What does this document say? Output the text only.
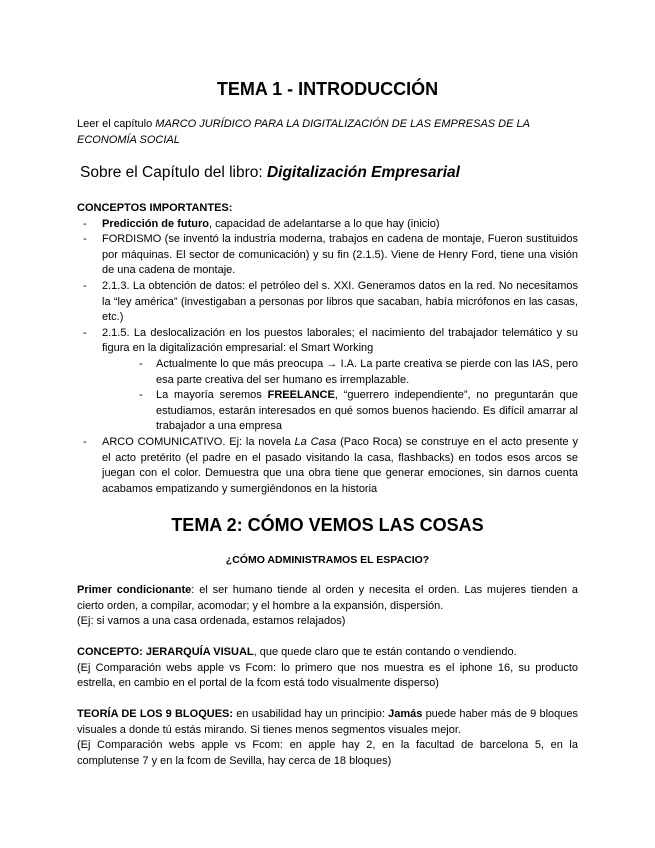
TEMA 1 - INTRODUCCIÓN

Leer el capítulo MARCO JURÍDICO PARA LA DIGITALIZACIÓN DE LAS EMPRESAS DE LA ECONOMÍA SOCIAL

Sobre el Capítulo del libro: Digitalización Empresarial

CONCEPTOS IMPORTANTES:

- Predicción de futuro, capacidad de adelantarse a lo que hay (inicio)
- FORDISMO (se inventó la industria moderna, trabajos en cadena de montaje, Fueron sustituidos por máquinas. El sector de comunicación) y su fin (2.1.5). Viene de Henry Ford, tiene una visión de una cadena de montaje.
- 2.1.3. La obtención de datos: el petróleo del s. XXI. Generamos datos en la red. No necesitamos la “ley américa” (investigaban a personas por libros que sacaban, había micrófonos en las casas, etc.)
- 2.1.5. La deslocalización en los puestos laborales; el nacimiento del trabajador telemático y su figura en la digitalización empresarial: el Smart Working
- Actualmente lo que más preocupa → I.A. La parte creativa se pierde con las IAS, pero esa parte creativa del ser humano es irremplazable.
- La mayoría seremos FREELANCE, “guerrero independiente”, no preguntarán que estudiamos, estarán interesados en qué somos buenos haciendo. Es difícil amarrar al trabajador a una empresa
- ARCO COMUNICATIVO. Ej: la novela La Casa (Paco Roca) se construye en el acto presente y el acto pretérito (el padre en el pasado visitando la casa, flashbacks) en todos esos arcos se juegan con el color. Demuestra que una obra tiene que generar emociones, sin darnos cuenta acabamos empatizando y sumergiéndonos en la historia
TEMA 2: CÓMO VEMOS LAS COSAS

¿CÓMO ADMINISTRAMOS EL ESPACIO?

Primer condicionante: el ser humano tiende al orden y necesita el orden. Las mujeres tienden a cierto orden, a compilar, acomodar; y el hombre a la expansión, dispersión.

(Ej: si vamos a una casa ordenada, estamos relajados)

CONCEPTO: JERARQUÍA VISUAL, que quede claro que te están contando o vendiendo.

(Ej Comparación webs apple vs Fcom: lo primero que nos muestra es el iphone 16, su producto estrella, en cambio en el portal de la fcom está todo visualmente disperso)

TEORÍA DE LOS 9 BLOQUES: en usabilidad hay un principio: Jamás puede haber más de 9 bloques visuales a donde tú estás mirando. Si tienes menos segmentos visuales mejor.

(Ej Comparación webs apple vs Fcom: en apple hay 2, en la facultad de barcelona 5, en la complutense 7 y en la fcom de Sevilla, hay cerca de 18 bloques)
